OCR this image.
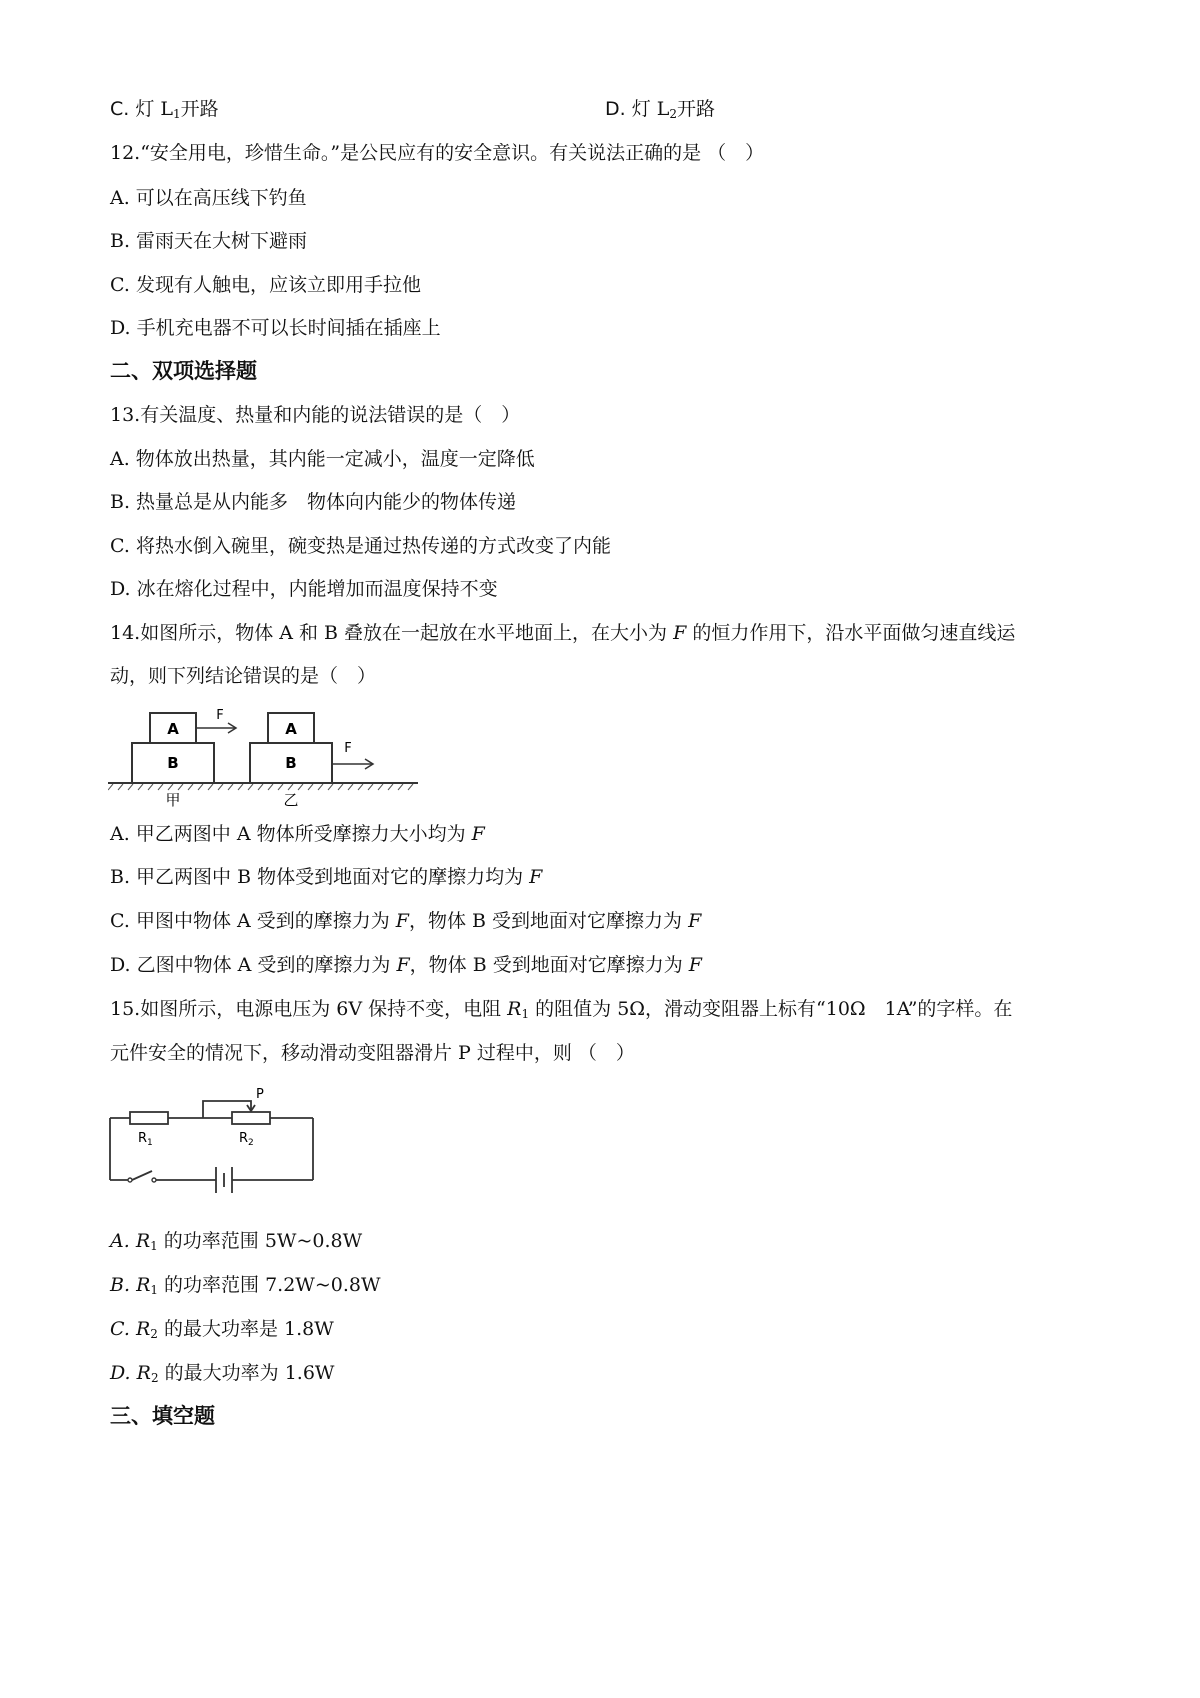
C. 灯 $L_1$开路	D. 灯 $L_2$开路
12.“安全用电，珍惜生命。”是公民应有的安全意识。有关说法正确的是 （　）
A. 可以在高压线下钓鱼
B. 雷雨天在大树下避雨
C. 发现有人触电，应该立即用手拉他
D. 手机充电器不可以长时间插在插座上
二、双项选择题
13.有关温度、热量和内能的说法错误的是（　）
A. 物体放出热量，其内能一定减小，温度一定降低
B. 热量总是从内能多　物体向内能少的物体传递
C. 将热水倒入碗里，碗变热是通过热传递的方式改变了内能
D. 冰在熔化过程中，内能增加而温度保持不变
14.如图所示，物体 A 和 B 叠放在一起放在水平地面上，在大小为 F 的恒力作用下，沿水平面做匀速直线运
动，则下列结论错误的是（　）
A
B
F
甲
A
B
F
乙
A. 甲乙两图中 A 物体所受摩擦力大小均为 F
B. 甲乙两图中 B 物体受到地面对它的摩擦力均为 F
C. 甲图中物体 A 受到的摩擦力为 F，物体 B 受到地面对它摩擦力为 F
D. 乙图中物体 A 受到的摩擦力为 F，物体 B 受到地面对它摩擦力为 F
15.如图所示，电源电压为 6V 保持不变，电阻 $R_1$ 的阻值为 5Ω，滑动变阻器上标有“10Ω　1A”的字样。在
元件安全的情况下，移动滑动变阻器滑片 P 过程中，则 （　）
$R_1$	$R_2$
P
A. $R_1$ 的功率范围 5W~0.8W
B. $R_1$ 的功率范围 7.2W~0.8W
C. $R_2$ 的最大功率是 1.8W
D. $R_2$ 的最大功率为 1.6W
三、填空题
